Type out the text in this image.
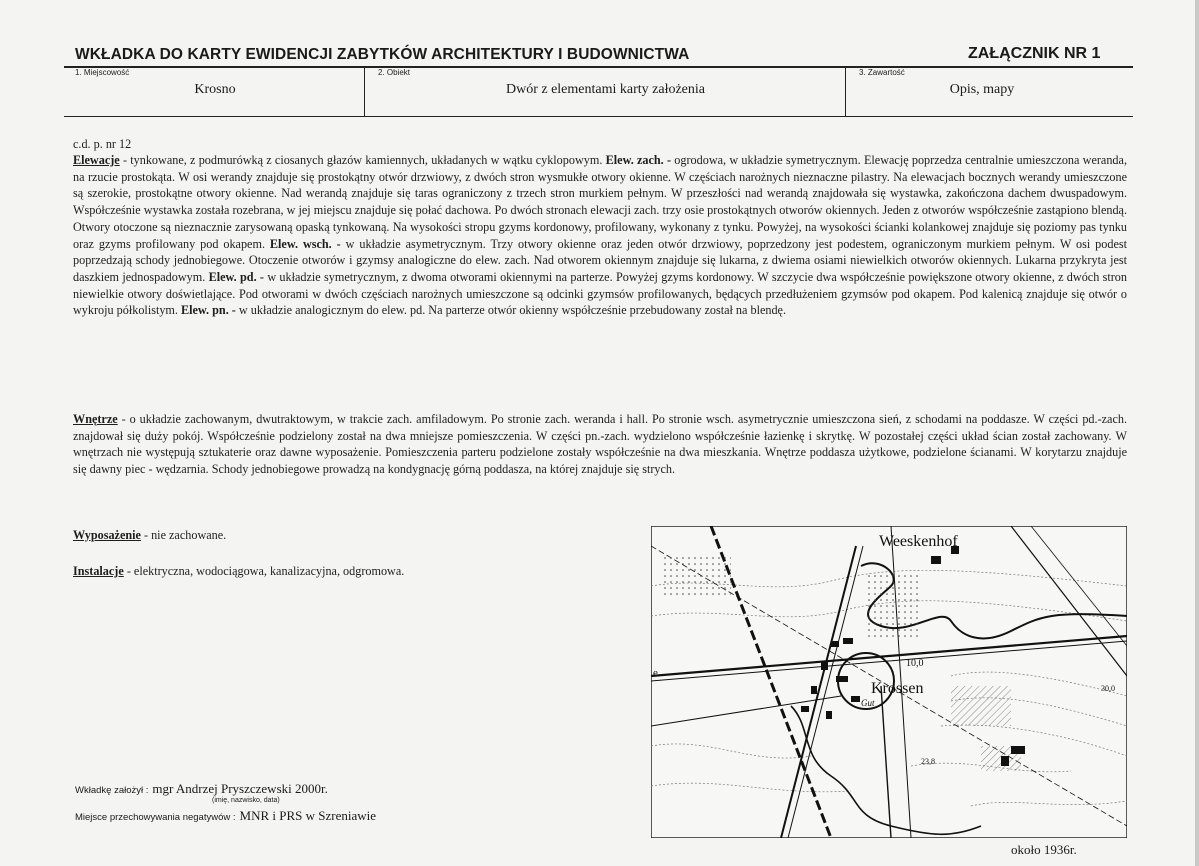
WKŁADKA DO KARTY EWIDENCJI ZABYTKÓW ARCHITEKTURY I BUDOWNICTWA	ZAŁĄCZNIK NR 1
1. Miejscowość
Krosno
2. Obiekt
Dwór z elementami karty założenia
3. Zawartość
Opis, mapy

c.d. p. nr 12

Elewacje - tynkowane, z podmurówką z ciosanych głazów kamiennych, układanych w wątku cyklopowym. Elew. zach. - ogrodowa, w układzie symetrycznym. Elewację poprzedza centralnie umieszczona weranda, na rzucie prostokąta. W osi werandy znajduje się prostokątny otwór drzwiowy, z dwóch stron wysmukłe otwory okienne. W częściach narożnych nieznaczne pilastry. Na elewacjach bocznych werandy umieszczone są szerokie, prostokątne otwory okienne. Nad werandą znajduje się taras ograniczony z trzech stron murkiem pełnym. W przeszłości nad werandą znajdowała się wystawka, zakończona dachem dwuspadowym. Współcześnie wystawka została rozebrana, w jej miejscu znajduje się połać dachowa. Po dwóch stronach elewacji zach. trzy osie prostokątnych otworów okiennych. Jeden z otworów współcześnie zastąpiono blendą. Otwory otoczone są nieznacznie zarysowaną opaską tynkowaną. Na wysokości stropu gzyms kordonowy, profilowany, wykonany z tynku. Powyżej, na wysokości ścianki kolankowej znajduje się poziomy pas tynku oraz gzyms profilowany pod okapem. Elew. wsch. - w układzie asymetrycznym. Trzy otwory okienne oraz jeden otwór drzwiowy, poprzedzony jest podestem, ograniczonym murkiem pełnym. W osi podest poprzedzają schody jednobiegowe. Otoczenie otworów i gzymsy analogiczne do elew. zach. Nad otworem okiennym znajduje się lukarna, z dwiema osiami niewielkich otworów okiennych. Lukarna przykryta jest daszkiem jednospadowym. Elew. pd. - w układzie symetrycznym, z dwoma otworami okiennymi na parterze. Powyżej gzyms kordonowy. W szczycie dwa współcześnie powiększone otwory okienne, z dwóch stron niewielkie otwory doświetlające. Pod otworami w dwóch częściach narożnych umieszczone są odcinki gzymsów profilowanych, będących przedłużeniem gzymsów pod okapem. Pod kalenicą znajduje się otwór o wykroju półkolistym. Elew. pn. - w układzie analogicznym do elew. pd. Na parterze otwór okienny współcześnie przebudowany został na blendę.

Wnętrze - o układzie zachowanym, dwutraktowym, w trakcie zach. amfiladowym. Po stronie zach. weranda i hall. Po stronie wsch. asymetrycznie umieszczona sień, z schodami na poddasze. W części pd.-zach. znajdował się duży pokój. Współcześnie podzielony został na dwa mniejsze pomieszczenia. W części pn.-zach. wydzielono współcześnie łazienkę i skrytkę. W pozostałej części układ ścian został zachowany. W wnętrzach nie występują sztukaterie oraz dawne wyposażenie. Pomieszczenia parteru podzielone zostały współcześnie na dwa mieszkania. Wnętrze poddasza użytkowe, podzielone ścianami. W korytarzu znajduje się dawny piec - wędzarnia. Schody jednobiegowe prowadzą na kondygnację górną poddasza, na której znajduje się strych.

Wyposażenie - nie zachowane.

Instalacje - elektryczna, wodociągowa, kanalizacyjna, odgromowa.

Wkładkę założył : mgr Andrzej Pryszczewski 2000r.
(imię, nazwisko, data)
Miejsce przechowywania negatywów : MNR i PRS w Szreniawie
Weeskenhof
Krossen
Gut
10,0
30,0
e
23,8
około 1936r.
